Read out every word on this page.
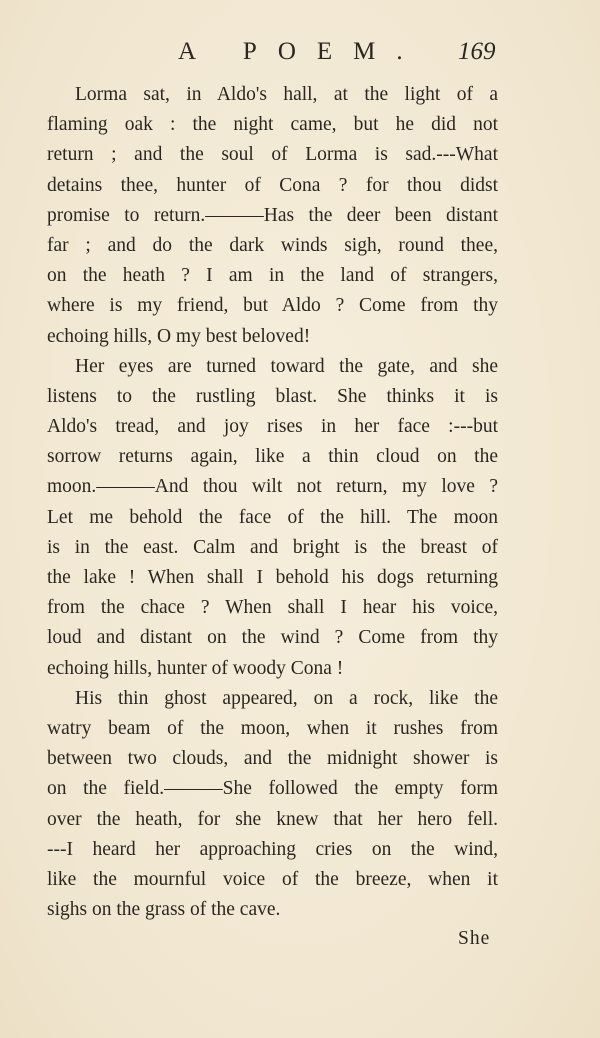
A POEM. 169
Lorma sat, in Aldo's hall, at the light of a
flaming oak : the night came, but he did not
return ; and the soul of Lorma is sad.---What
detains thee, hunter of Cona ? for thou didst
promise to return.———Has the deer been distant
far ; and do the dark winds sigh, round thee,
on the heath ? I am in the land of strangers,
where is my friend, but Aldo ? Come from thy
echoing hills, O my best beloved!
Her eyes are turned toward the gate, and she
listens to the rustling blast. She thinks it is
Aldo's tread, and joy rises in her face :---but
sorrow returns again, like a thin cloud on the
moon.———And thou wilt not return, my love ?
Let me behold the face of the hill. The moon
is in the east. Calm and bright is the breast of
the lake ! When shall I behold his dogs returning
from the chace ? When shall I hear his voice,
loud and distant on the wind ? Come from thy
echoing hills, hunter of woody Cona !
His thin ghost appeared, on a rock, like the
watry beam of the moon, when it rushes from
between two clouds, and the midnight shower is
on the field.———She followed the empty form
over the heath, for she knew that her hero fell.
---I heard her approaching cries on the wind,
like the mournful voice of the breeze, when it
sighs on the grass of the cave.
She
